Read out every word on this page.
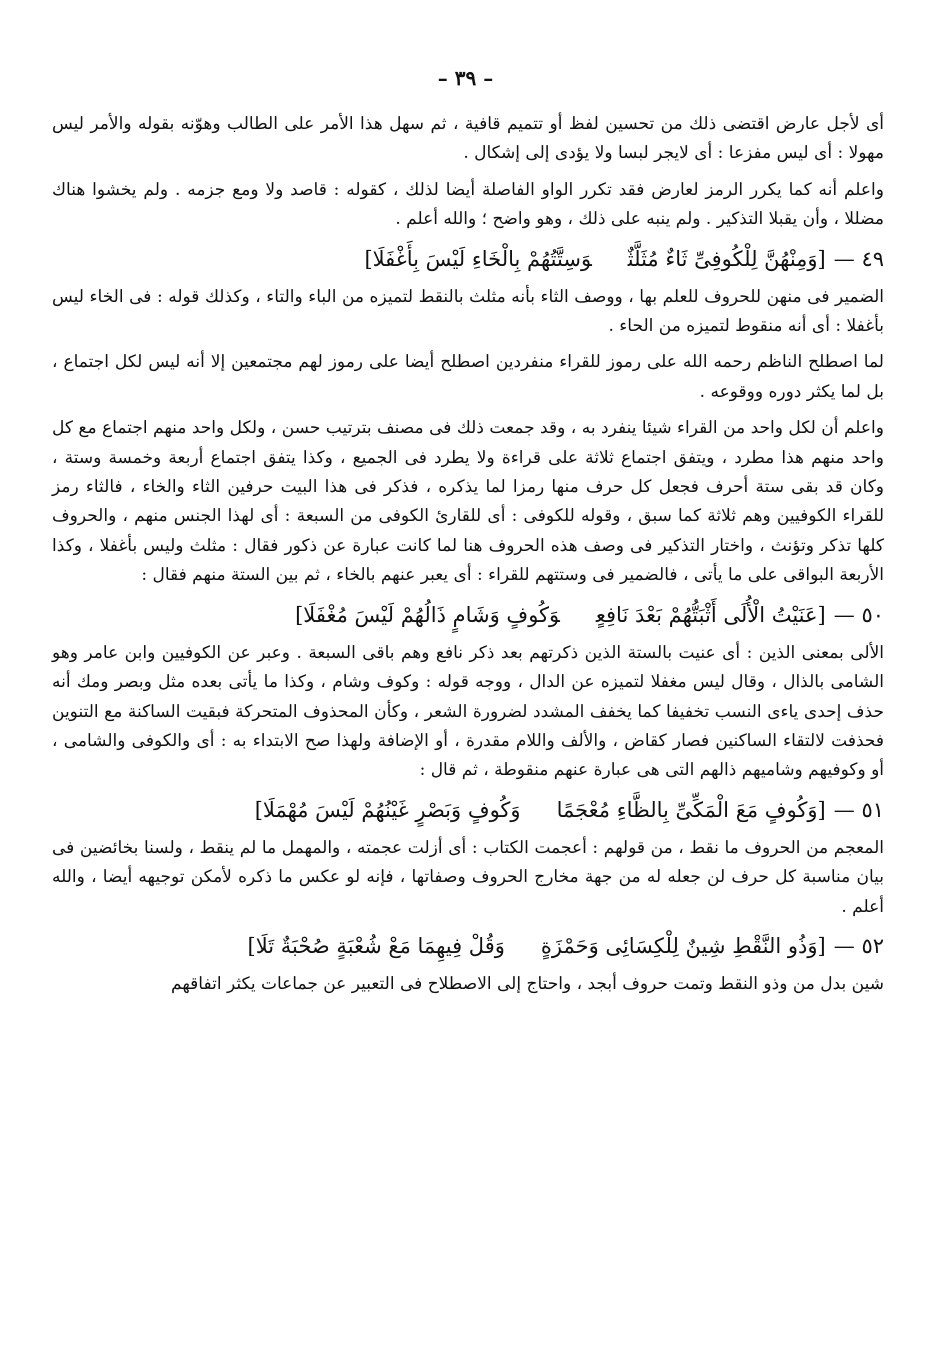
– ٣٩ –

أى لأجل عارض اقتضى ذلك من تحسين لفظ أو تتميم قافية ، ثم سهل هذا الأمر على الطالب وهوّنه بقوله والأمر ليس مهولا : أى ليس مفزعا : أى لايجر لبسا ولا يؤدى إلى إشكال .

واعلم أنه كما يكرر الرمز لعارض فقد تكرر الواو الفاصلة أيضا لذلك ، كقوله : قاصد ولا ومع جزمه . ولم يخشوا هناك مضللا ، وأن يقبلا التذكير . ولم ينبه على ذلك ، وهو واضح ؛ والله أعلم .

٤٩ —[وَمِنْهُنَّ لِلْكُوفِىِّ ثَاءٌ مُثَلَّثٌوَسِتَّتُهُمْ بِالْخَاءِ لَيْسَ بِأَغْفَلَا]

الضمير فى منهن للحروف للعلم بها ، ووصف الثاء بأنه مثلث بالنقط لتميزه من الباء والتاء ، وكذلك قوله : فى الخاء ليس بأغفلا : أى أنه منقوط لتميزه من الحاء .

لما اصطلح الناظم رحمه الله على رموز للقراء منفردين اصطلح أيضا على رموز لهم مجتمعين إلا أنه ليس لكل اجتماع ، بل لما يكثر دوره ووقوعه .

واعلم أن لكل واحد من القراء شيئا ينفرد به ، وقد جمعت ذلك فى مصنف بترتيب حسن ، ولكل واحد منهم اجتماع مع كل واحد منهم هذا مطرد ، ويتفق اجتماع ثلاثة على قراءة ولا يطرد فى الجميع ، وكذا يتفق اجتماع أربعة وخمسة وستة ، وكان قد بقى ستة أحرف فجعل كل حرف منها رمزا لما يذكره ، فذكر فى هذا البيت حرفين الثاء والخاء ، فالثاء رمز للقراء الكوفيين وهم ثلاثة كما سبق ، وقوله للكوفى : أى للقارئ الكوفى من السبعة : أى لهذا الجنس منهم ، والحروف كلها تذكر وتؤنث ، واختار التذكير فى وصف هذه الحروف هنا لما كانت عبارة عن ذكور فقال : مثلث وليس بأغفلا ، وكذا الأربعة البواقى على ما يأتى ، فالضمير فى وستتهم للقراء : أى يعبر عنهم بالخاء ، ثم بين الستة منهم فقال :

٥٠ —[عَنَيْتُ الْأُلَى أَثْبَتُّهُمْ بَعْدَ نَافِعٍوَكُوفٍ وَشَامٍ ذَالُهُمْ لَيْسَ مُغْفَلَا]

الألى بمعنى الذين : أى عنيت بالستة الذين ذكرتهم بعد ذكر نافع وهم باقى السبعة . وعبر عن الكوفيين وابن عامر وهو الشامى بالذال ، وقال ليس مغفلا لتميزه عن الدال ، ووجه قوله : وكوف وشام ، وكذا ما يأتى بعده مثل وبصر ومك أنه حذف إحدى ياءى النسب تخفيفا كما يخفف المشدد لضرورة الشعر ، وكأن المحذوف المتحركة فبقيت الساكنة مع التنوين فحذفت لالتقاء الساكنين فصار كقاض ، والألف واللام مقدرة ، أو الإضافة ولهذا صح الابتداء به : أى والكوفى والشامى ، أو وكوفيهم وشاميهم ذالهم التى هى عبارة عنهم منقوطة ، ثم قال :

٥١ —[وَكُوفٍ مَعَ الْمَكِّىِّ بِالظَّاءِ مُعْجَمًاوَكُوفٍ وَبَصْرٍ غَيْنُهُمْ لَيْسَ مُهْمَلَا]

المعجم من الحروف ما نقط ، من قولهم : أعجمت الكتاب : أى أزلت عجمته ، والمهمل ما لم ينقط ، ولسنا بخائضين فى بيان مناسبة كل حرف لن جعله له من جهة مخارج الحروف وصفاتها ، فإنه لو عكس ما ذكره لأمكن توجيهه أيضا ، والله أعلم .

٥٢ —[وَذُو النَّقْطِ شِينٌ لِلْكِسَائِى وَحَمْزَةٍوَقُلْ فِيهِمَا مَعْ شُعْبَةٍ صُحْبَةٌ تَلَا]

شين بدل من وذو النقط وتمت حروف أبجد ، واحتاج إلى الاصطلاح فى التعبير عن جماعات يكثر اتفاقهم
